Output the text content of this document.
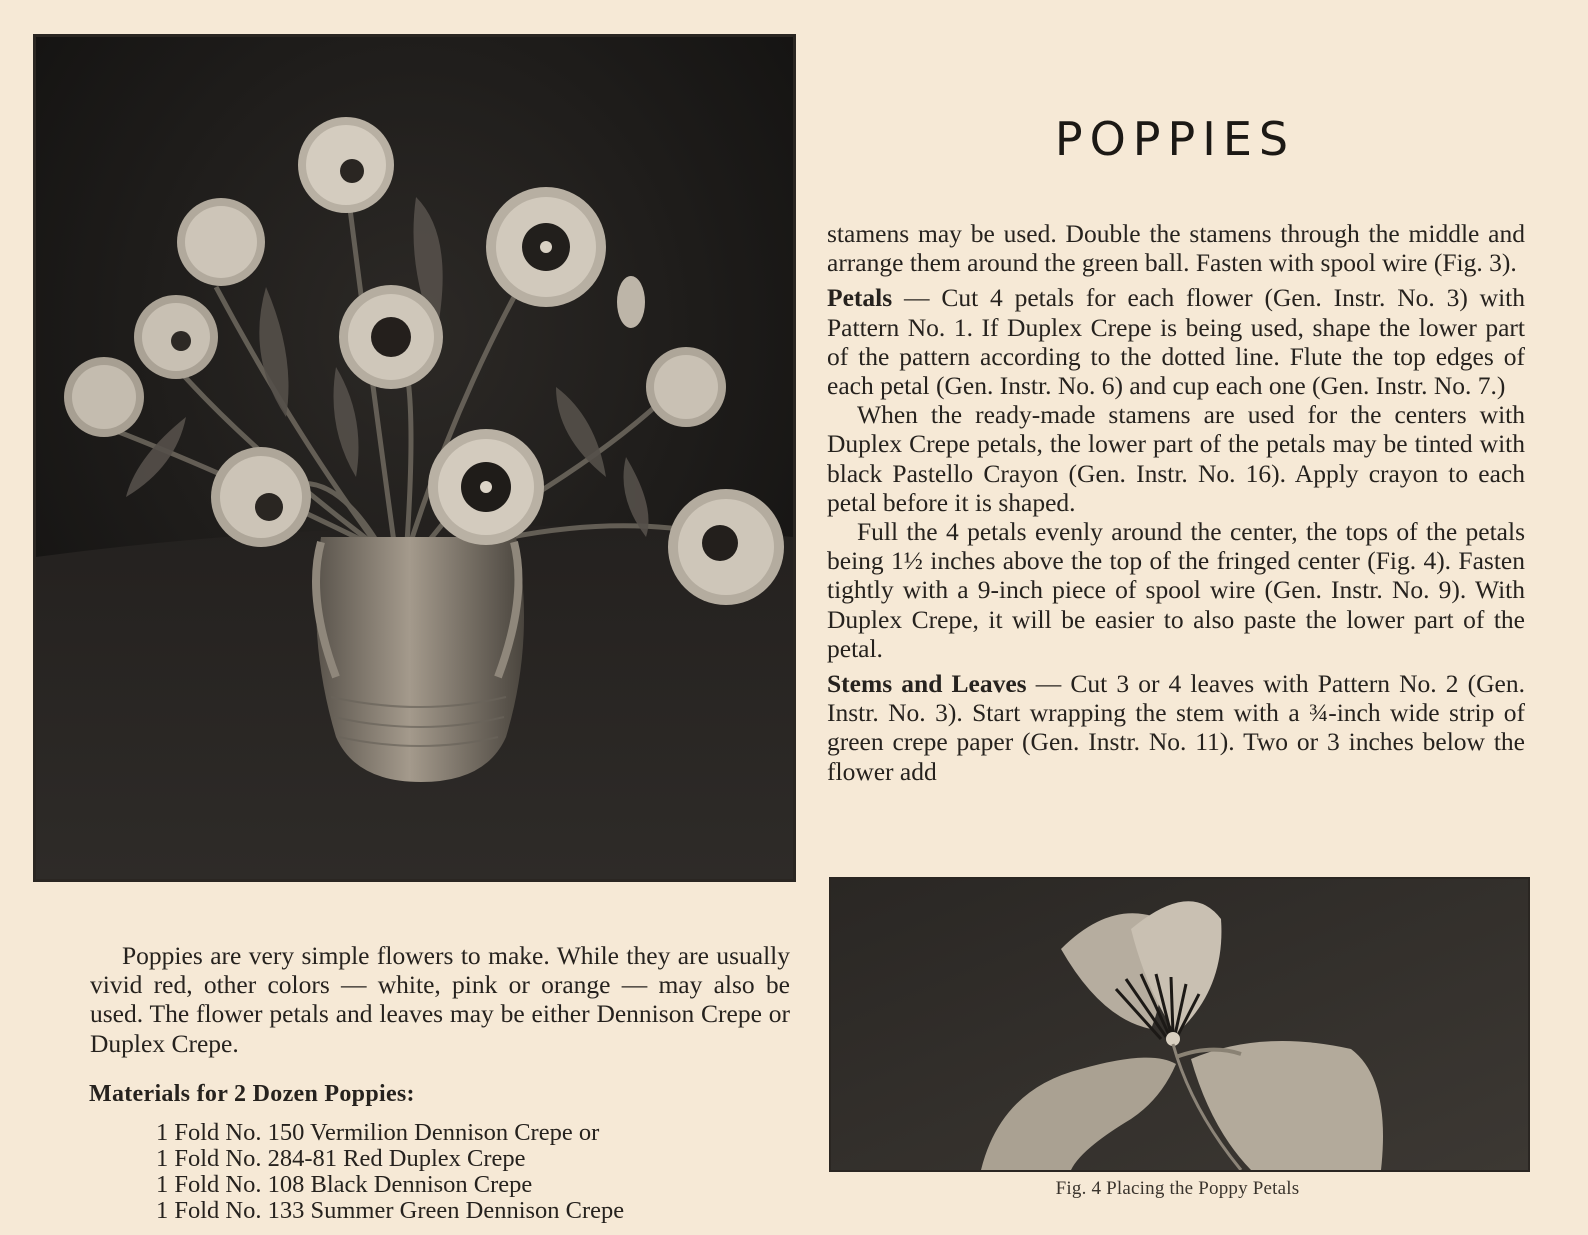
POPPIES

stamens may be used. Double the stamens through the middle and arrange them around the green ball. Fasten with spool wire (Fig. 3).

Petals — Cut 4 petals for each flower (Gen. Instr. No. 3) with Pattern No. 1. If Duplex Crepe is being used, shape the lower part of the pattern according to the dotted line. Flute the top edges of each petal (Gen. Instr. No. 6) and cup each one (Gen. Instr. No. 7.)

When the ready-made stamens are used for the centers with Duplex Crepe petals, the lower part of the petals may be tinted with black Pastello Crayon (Gen. Instr. No. 16). Apply crayon to each petal before it is shaped.

Full the 4 petals evenly around the center, the tops of the petals being 1½ inches above the top of the fringed center (Fig. 4). Fasten tightly with a 9-inch piece of spool wire (Gen. Instr. No. 9). With Duplex Crepe, it will be easier to also paste the lower part of the petal.

Stems and Leaves — Cut 3 or 4 leaves with Pattern No. 2 (Gen. Instr. No. 3). Start wrapping the stem with a ¾-inch wide strip of green crepe paper (Gen. Instr. No. 11). Two or 3 inches below the flower add

Poppies are very simple flowers to make. While they are usually vivid red, other colors — white, pink or orange — may also be used. The flower petals and leaves may be either Dennison Crepe or Duplex Crepe.

Materials for 2 Dozen Poppies:
1 Fold No. 150 Vermilion Dennison Crepe or
1 Fold No. 284-81 Red Duplex Crepe
1 Fold No. 108 Black Dennison Crepe
1 Fold No. 133 Summer Green Dennison Crepe
Fig. 4 Placing the Poppy Petals
